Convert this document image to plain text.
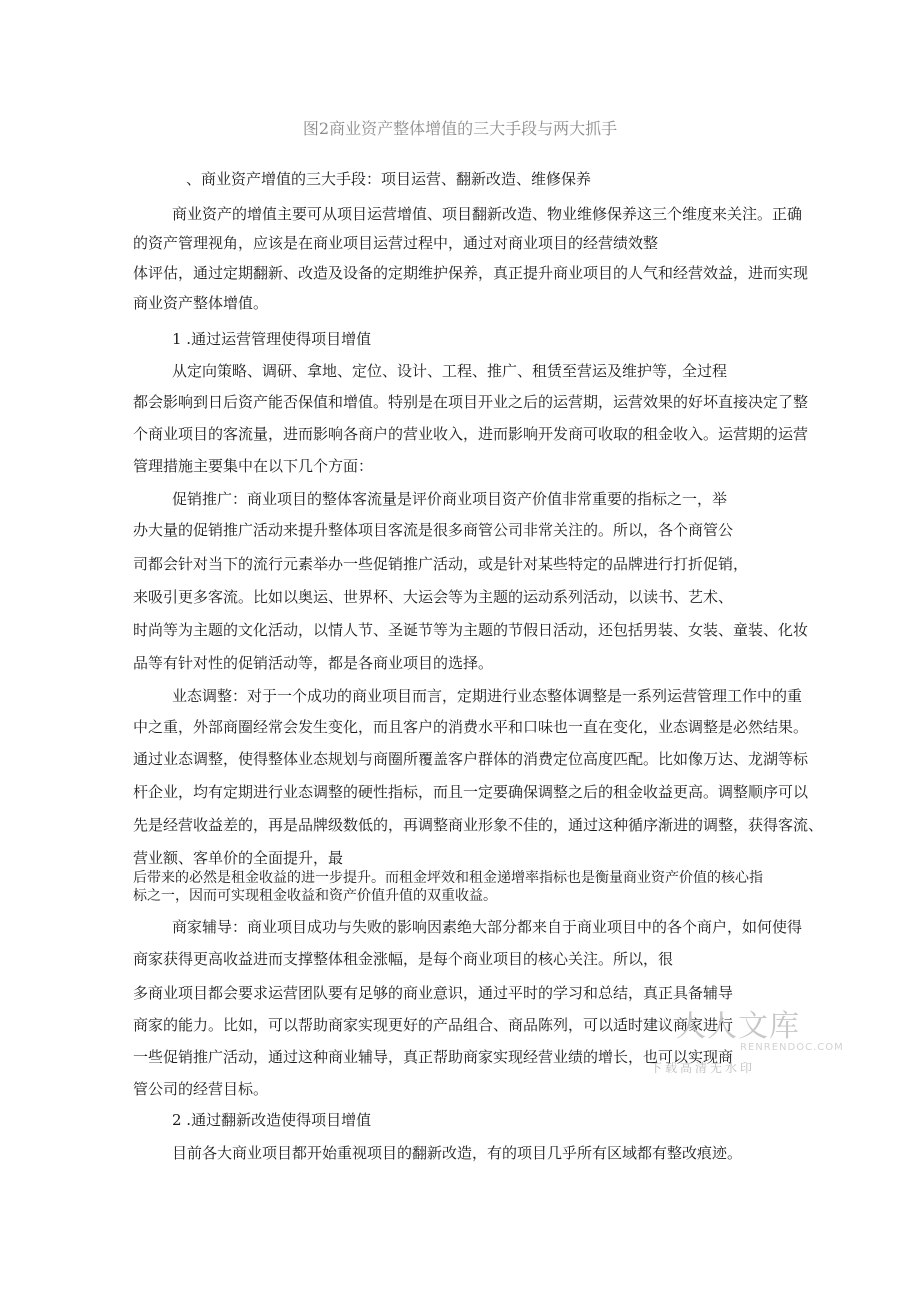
图2商业资产整体增值的三大手段与两大抓手

、商业资产增值的三大手段：项目运营、翻新改造、维修保养

商业资产的增值主要可从项目运营增值、项目翻新改造、物业维修保养这三个维度来关注。正确

的资产管理视角，应该是在商业项目运营过程中，通过对商业项目的经营绩效整

体评估，通过定期翻新、改造及设备的定期维护保养，真正提升商业项目的人气和经营效益，进而实现

商业资产整体增值。

1 .通过运营管理使得项目增值

从定向策略、调研、拿地、定位、设计、工程、推广、租赁至营运及维护等，全过程

都会影响到日后资产能否保值和增值。特别是在项目开业之后的运营期，运营效果的好坏直接决定了整

个商业项目的客流量，进而影响各商户的营业收入，进而影响开发商可收取的租金收入。运营期的运营

管理措施主要集中在以下几个方面：

促销推广：商业项目的整体客流量是评价商业项目资产价值非常重要的指标之一，举

办大量的促销推广活动来提升整体项目客流是很多商管公司非常关注的。所以，各个商管公

司都会针对当下的流行元素举办一些促销推广活动，或是针对某些特定的品牌进行打折促销，

来吸引更多客流。比如以奥运、世界杯、大运会等为主题的运动系列活动，以读书、艺术、

时尚等为主题的文化活动，以情人节、圣诞节等为主题的节假日活动，还包括男装、女装、童装、化妆

品等有针对性的促销活动等，都是各商业项目的选择。

业态调整：对于一个成功的商业项目而言，定期进行业态整体调整是一系列运营管理工作中的重

中之重，外部商圈经常会发生变化，而且客户的消费水平和口味也一直在变化，业态调整是必然结果。

通过业态调整，使得整体业态规划与商圈所覆盖客户群体的消费定位高度匹配。比如像万达、龙湖等标

杆企业，均有定期进行业态调整的硬性指标，而且一定要确保调整之后的租金收益更高。调整顺序可以

先是经营收益差的，再是品牌级数低的，再调整商业形象不佳的，通过这种循序渐进的调整，获得客流、

营业额、客单价的全面提升，最

后带来的必然是租金收益的进一步提升。而租金坪效和租金递增率指标也是衡量商业资产价值的核心指

标之一，因而可实现租金收益和资产价值升值的双重收益。

商家辅导：商业项目成功与失败的影响因素绝大部分都来自于商业项目中的各个商户，如何使得

商家获得更高收益进而支撑整体租金涨幅，是每个商业项目的核心关注。所以，很

多商业项目都会要求运营团队要有足够的商业意识，通过平时的学习和总结，真正具备辅导

商家的能力。比如，可以帮助商家实现更好的产品组合、商品陈列，可以适时建议商家进行

一些促销推广活动，通过这种商业辅导，真正帮助商家实现经营业绩的增长，也可以实现商

管公司的经营目标。

2 .通过翻新改造使得项目增值

目前各大商业项目都开始重视项目的翻新改造，有的项目几乎所有区域都有整改痕迹。

人人文库
RENRENDOC.COM
下载高清无水印
